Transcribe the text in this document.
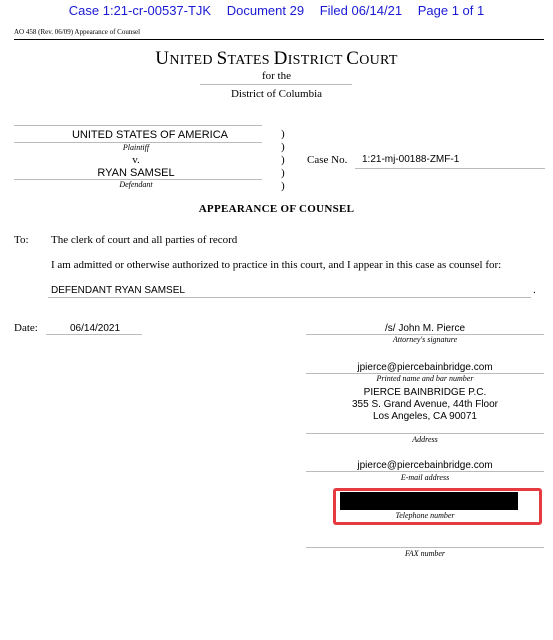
Case 1:21-cr-00537-TJK Document 29 Filed 06/14/21 Page 1 of 1
AO 458 (Rev. 06/09) Appearance of Counsel
UNITED STATES DISTRICT COURT
for the
District of Columbia
UNITED STATES OF AMERICA
Plaintiff
v.
RYAN SAMSEL
Defendant
)
)
)
)
)
Case No. 1:21-mj-00188-ZMF-1
APPEARANCE OF COUNSEL
To: The clerk of court and all parties of record
I am admitted or otherwise authorized to practice in this court, and I appear in this case as counsel for:
DEFENDANT RYAN SAMSEL	.
Date:	06/14/2021	/s/ John M. Pierce
Attorney's signature
jpierce@piercebainbridge.com
Printed name and bar number
PIERCE BAINBRIDGE P.C.
355 S. Grand Avenue, 44th Floor
Los Angeles, CA 90071
Address
jpierce@piercebainbridge.com
E-mail address
Telephone number
FAX number
